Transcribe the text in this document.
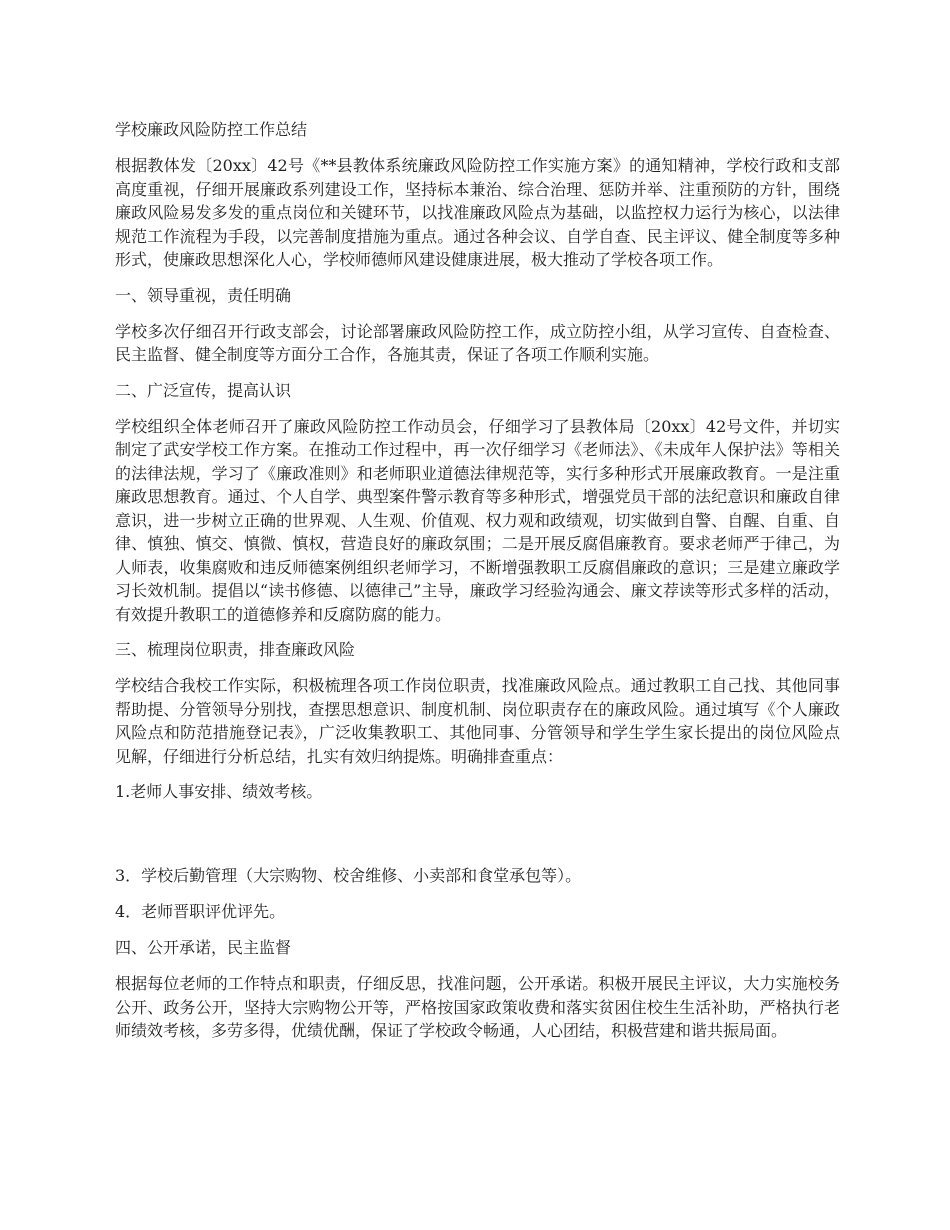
学校廉政风险防控工作总结
根据教体发〔20xx〕42号《**县教体系统廉政风险防控工作实施方案》的通知精神，学校行政和支部高度重视，仔细开展廉政系列建设工作，坚持标本兼治、综合治理、惩防并举、注重预防的方针，围绕廉政风险易发多发的重点岗位和关键环节，以找准廉政风险点为基础，以监控权力运行为核心，以法律规范工作流程为手段，以完善制度措施为重点。通过各种会议、自学自查、民主评议、健全制度等多种形式，使廉政思想深化人心，学校师德师风建设健康进展，极大推动了学校各项工作。
一、领导重视，责任明确
学校多次仔细召开行政支部会，讨论部署廉政风险防控工作，成立防控小组，从学习宣传、自查检查、民主监督、健全制度等方面分工合作，各施其责，保证了各项工作顺利实施。
二、广泛宣传，提高认识
学校组织全体老师召开了廉政风险防控工作动员会，仔细学习了县教体局〔20xx〕42号文件，并切实制定了武安学校工作方案。在推动工作过程中，再一次仔细学习《老师法》、《未成年人保护法》等相关的法律法规，学习了《廉政准则》和老师职业道德法律规范等，实行多种形式开展廉政教育。一是注重廉政思想教育。通过、个人自学、典型案件警示教育等多种形式，增强党员干部的法纪意识和廉政自律意识，进一步树立正确的世界观、人生观、价值观、权力观和政绩观，切实做到自警、自醒、自重、自律、慎独、慎交、慎微、慎权，营造良好的廉政氛围；二是开展反腐倡廉教育。要求老师严于律己，为人师表，收集腐败和违反师德案例组织老师学习，不断增强教职工反腐倡廉政的意识；三是建立廉政学习长效机制。提倡以“读书修德、以德律己”主导，廉政学习经验沟通会、廉文荐读等形式多样的活动，有效提升教职工的道德修养和反腐防腐的能力。
三、梳理岗位职责，排查廉政风险
学校结合我校工作实际，积极梳理各项工作岗位职责，找准廉政风险点。通过教职工自己找、其他同事帮助提、分管领导分别找，查摆思想意识、制度机制、岗位职责存在的廉政风险。通过填写《个人廉政风险点和防范措施登记表》，广泛收集教职工、其他同事、分管领导和学生学生家长提出的岗位风险点见解，仔细进行分析总结，扎实有效归纳提炼。明确排查重点：
1.老师人事安排、绩效考核。
3．学校后勤管理（大宗购物、校舍维修、小卖部和食堂承包等）。
4．老师晋职评优评先。
四、公开承诺，民主监督
根据每位老师的工作特点和职责，仔细反思，找准问题，公开承诺。积极开展民主评议，大力实施校务公开、政务公开，坚持大宗购物公开等，严格按国家政策收费和落实贫困住校生生活补助，严格执行老师绩效考核，多劳多得，优绩优酬，保证了学校政令畅通，人心团结，积极营建和谐共振局面。
